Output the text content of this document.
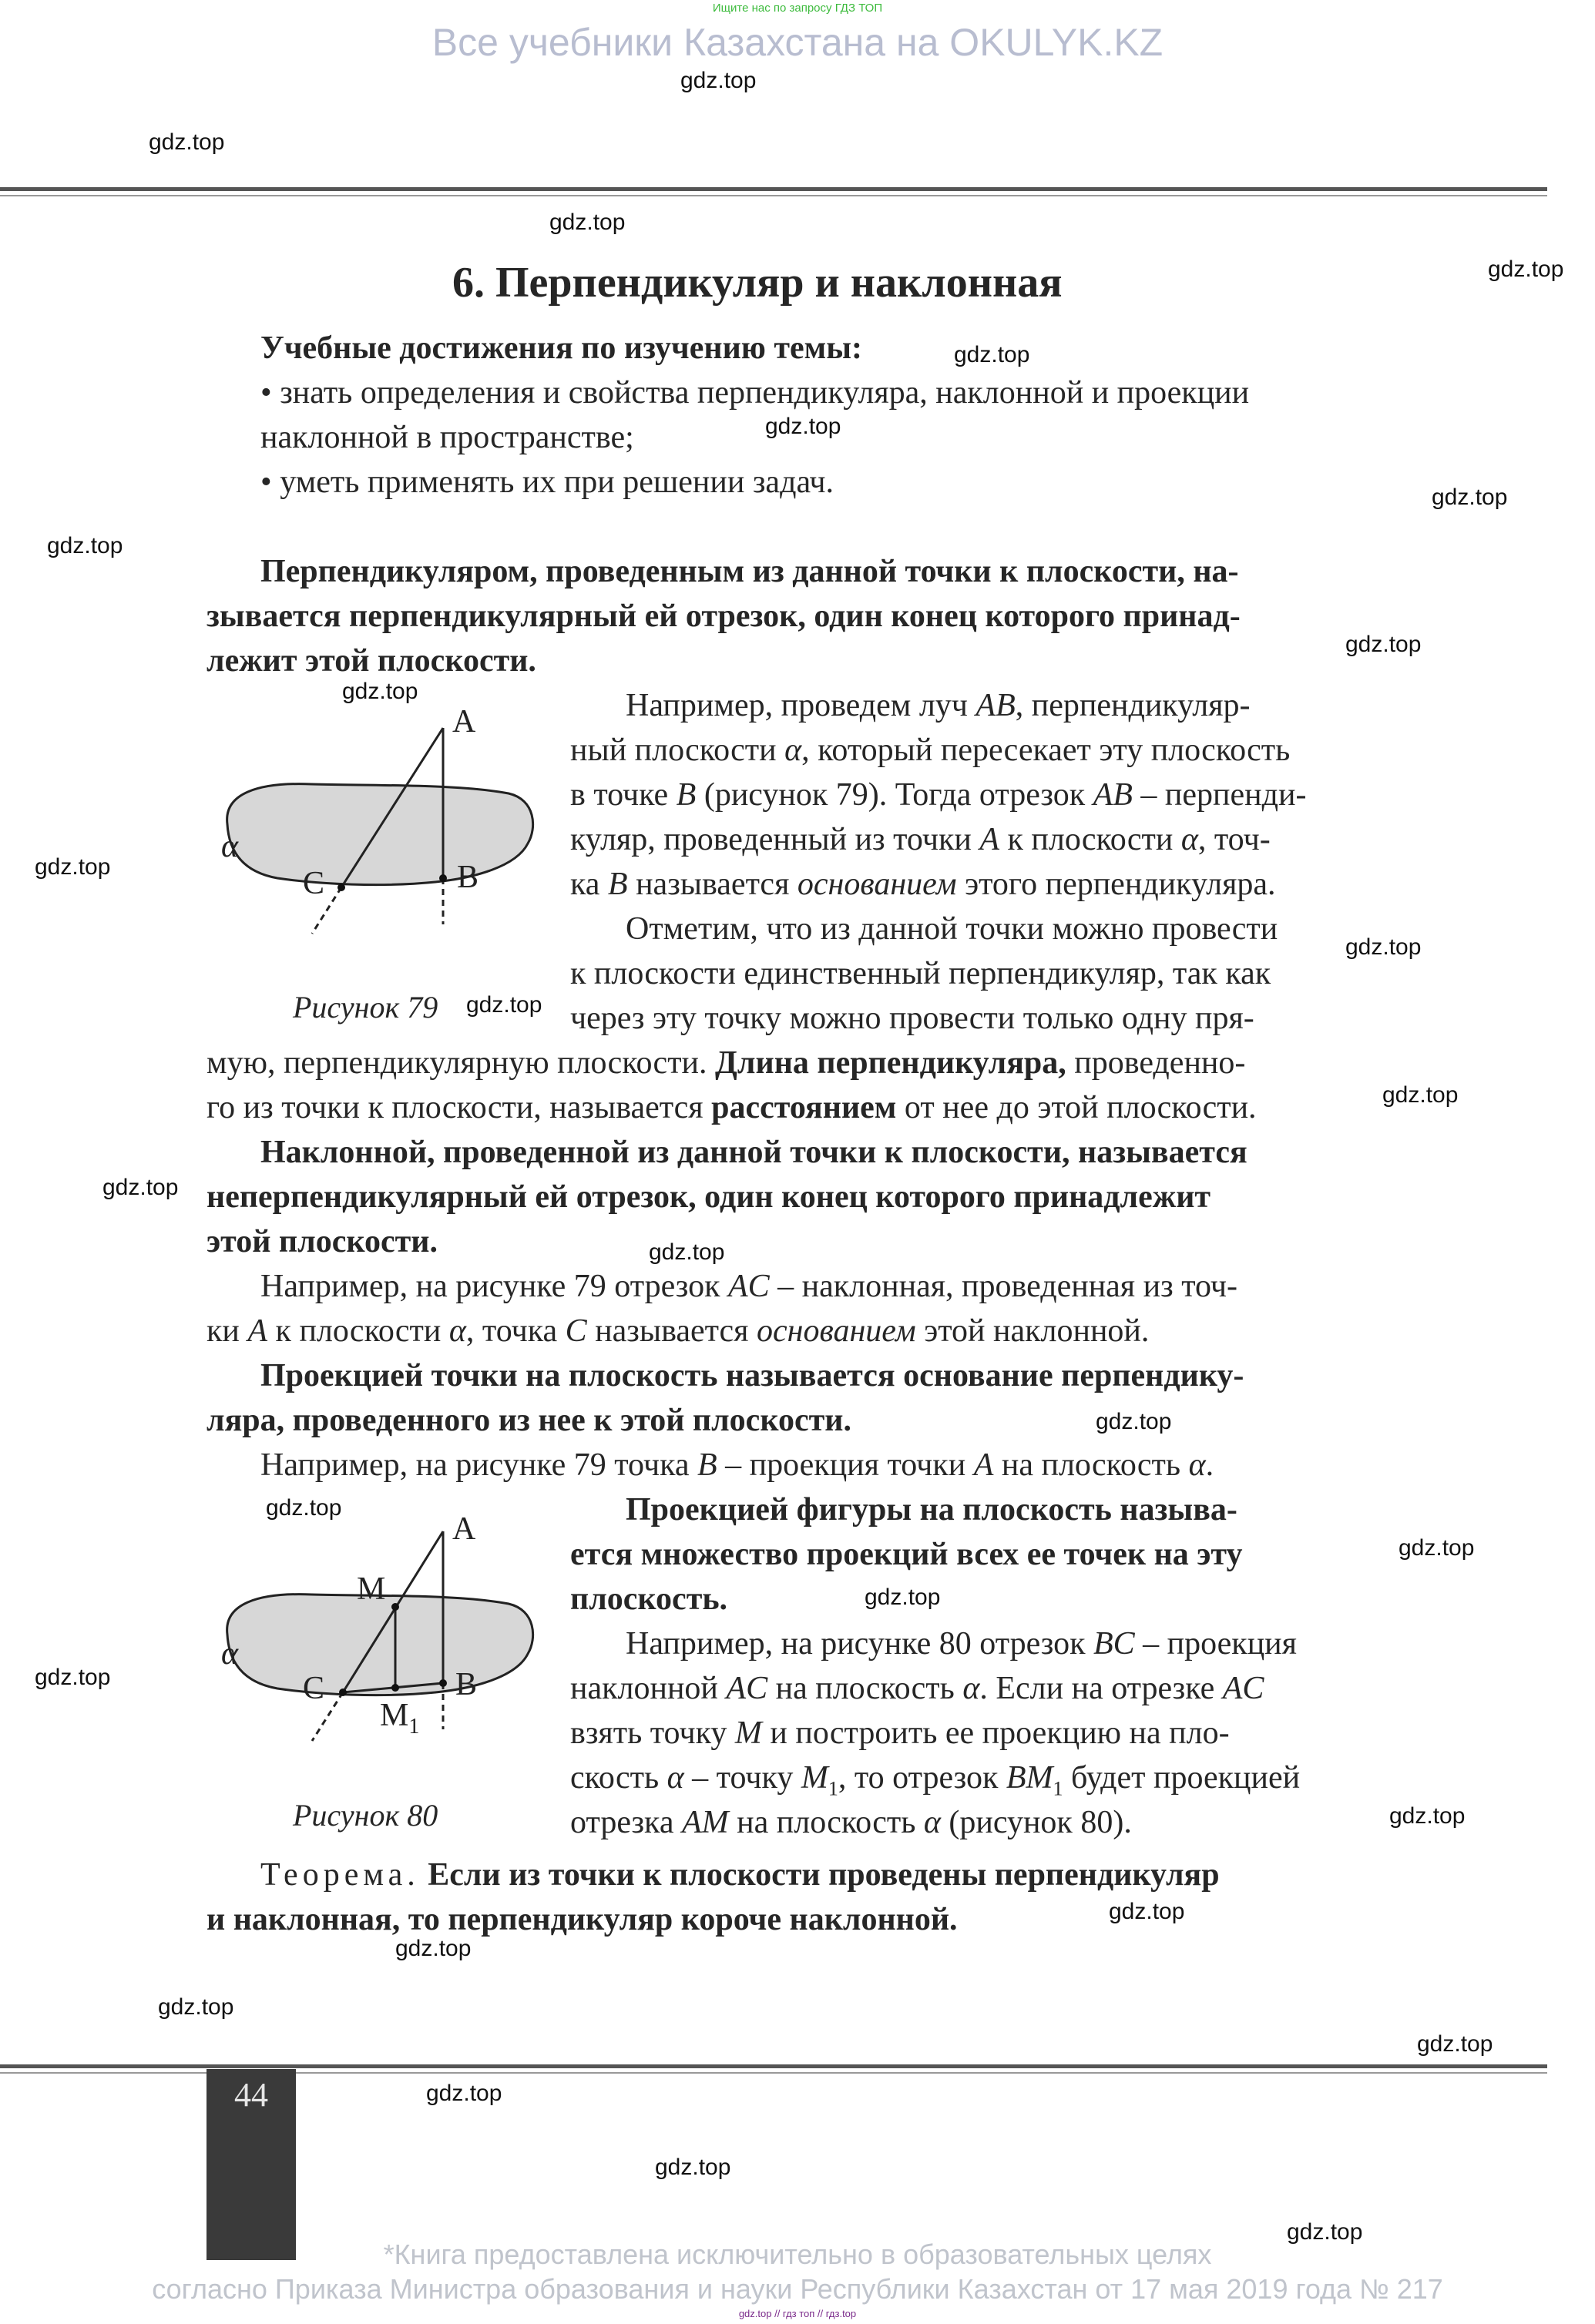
Ищите нас по запросу ГДЗ ТОП
Все учебники Казахстана на OKULYK.KZ
6. Перпендикуляр и наклонная
Учебные достижения по изучению темы:
• знать определения и свойства перпендикуляра, наклонной и проекции
наклонной в пространстве;
• уметь применять их при решении задач.
Перпендикуляром, проведенным из данной точки к плоскости, на-
зывается перпендикулярный ей отрезок, один конец которого принад-
лежит этой плоскости.
A
B
C
α
Рисунок 79
Например, проведем луч AB, перпендикуляр-
ный плоскости α, который пересекает эту плоскость
в точке B (рисунок 79). Тогда отрезок AB – перпенди-
куляр, проведенный из точки A к плоскости α, точ-
ка B называется основанием этого перпендикуляра.
Отметим, что из данной точки можно провести
к плоскости единственный перпендикуляр, так как
через эту точку можно провести только одну пря-
мую, перпендикулярную плоскости. Длина перпендикуляра, проведенно-
го из точки к плоскости, называется расстоянием от нее до этой плоскости.
Наклонной, проведенной из данной точки к плоскости, называется
неперпендикулярный ей отрезок, один конец которого принадлежит
этой плоскости.
Например, на рисунке 79 отрезок AC – наклонная, проведенная из точ-
ки A к плоскости α, точка C называется основанием этой наклонной.
Проекцией точки на плоскость называется основание перпендику-
ляра, проведенного из нее к этой плоскости.
Например, на рисунке 79 точка B – проекция точки A на плоскость α.
A
M
B
C
$M_1$
α
Рисунок 80
Проекцией фигуры на плоскость называ-
ется множество проекций всех ее точек на эту
плоскость.
Например, на рисунке 80 отрезок BC – проекция
наклонной AC на плоскость α. Если на отрезке AC
взять точку M и построить ее проекцию на пло-
скость α – точку $M_1$, то отрезок $BM_1$ будет проекцией
отрезка AM на плоскость α (рисунок 80).
Теорема. Если из точки к плоскости проведены перпендикуляр
и наклонная, то перпендикуляр короче наклонной.
44
*Книга предоставлена исключительно в образовательных целях
согласно Приказа Министра образования и науки Республики Казахстан от 17 мая 2019 года № 217
gdz.top // гдз топ // гдз.top
gdz.top
gdz.top
gdz.top
gdz.top
gdz.top
gdz.top
gdz.top
gdz.top
gdz.top
gdz.top
gdz.top
gdz.top
gdz.top
gdz.top
gdz.top
gdz.top
gdz.top
gdz.top
gdz.top
gdz.top
gdz.top
gdz.top
gdz.top
gdz.top
gdz.top
gdz.top
gdz.top
gdz.top
gdz.top
